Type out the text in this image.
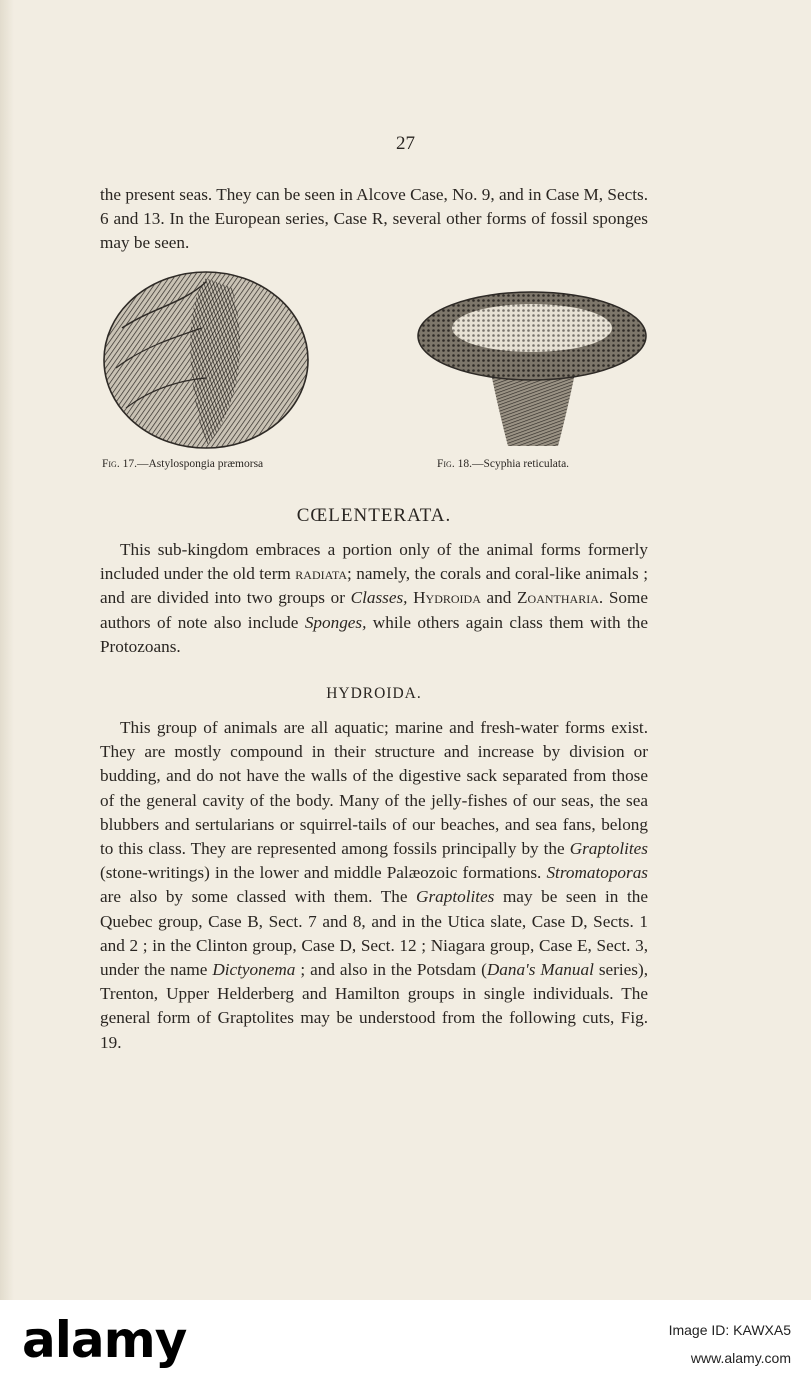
27

the present seas. They can be seen in Alcove Case, No. 9, and in Case M, Sects. 6 and 13. In the European series, Case R, several other forms of fossil sponges may be seen.

Fig. 17.—Astylospongia præmorsa	Fig. 18.—Scyphia reticulata.
CŒLENTERATA.

This sub-kingdom embraces a portion only of the animal forms formerly included under the old term radiata; namely, the corals and coral-like animals ; and are divided into two groups or Classes, Hydroida and Zoantharia. Some authors of note also include Sponges, while others again class them with the Protozoans.

HYDROIDA.

This group of animals are all aquatic; marine and fresh-water forms exist. They are mostly compound in their structure and increase by division or budding, and do not have the walls of the digestive sack separated from those of the general cavity of the body. Many of the jelly-fishes of our seas, the sea blubbers and sertularians or squirrel-tails of our beaches, and sea fans, belong to this class. They are represented among fossils principally by the Graptolites (stone-writings) in the lower and middle Palæozoic formations. Stromatoporas are also by some classed with them. The Graptolites may be seen in the Quebec group, Case B, Sect. 7 and 8, and in the Utica slate, Case D, Sects. 1 and 2 ; in the Clinton group, Case D, Sect. 12 ; Niagara group, Case E, Sect. 3, under the name Dictyonema ; and also in the Potsdam (Dana's Manual series), Trenton, Upper Helderberg and Hamilton groups in single individuals. The general form of Graptolites may be understood from the following cuts, Fig. 19.

alamy	Image ID: KAWXA5
www.alamy.com
